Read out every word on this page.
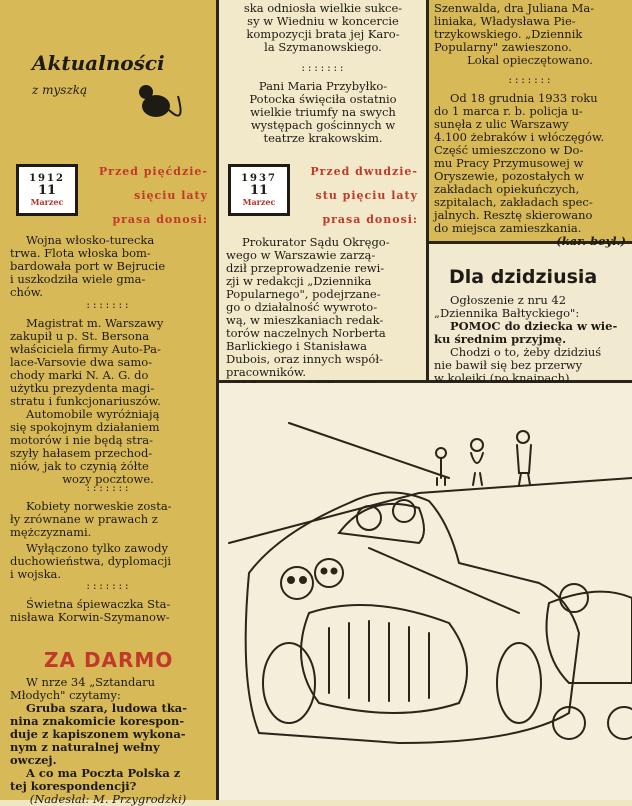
Aktualności
z myszką
1912
11
Marzec

Przed pięćdzie-

sięciu laty

prasa donosi:

Wojna włosko-turecka

trwa. Flota włoska bom-

bardowała port w Bejrucie

i uszkodziła wiele gma-

chów.

:::::::

Magistrat m. Warszawy

zakupił u p. St. Bersona

właściciela firmy Auto-Pa-

lace-Varsovie dwa samo-

chody marki N. A. G. do

użytku prezydenta magi-

stratu i funkcjonariuszów.

Automobile wyróżniają

się spokojnym działaniem

motorów i nie będą stra-

szyły hałasem przechod-

niów, jak to czynią żółte

wozy pocztowe.

:::::::

Kobiety norweskie zosta-

ły zrównane w prawach z

mężczyznami.

Wyłączono tylko zawody

duchowieństwa, dyplomacji

i wojska.

:::::::

Świetna śpiewaczka Sta-

nisława Korwin-Szymanow-

ZA DARMO

W nrze 34 „Sztandaru

Młodych" czytamy:

Gruba szara, ludowa tka-

nina znakomicie korespon-

duje z kapiszonem wykona-

nym z naturalnej wełny

owczej.

A co ma Poczta Polska z

tej korespondencji?

(Nadesłał: M. Przygrodzki)

ska odniosła wielkie sukce-

sy w Wiedniu w koncercie

kompozycji brata jej Karo-

la Szymanowskiego.

:::::::

Pani Maria Przybyłko-

Potocka święciła ostatnio

wielkie triumfy na swych

występach gościnnych w

teatrze krakowskim.

1937
11
Marzec

Przed dwudzie-

stu pięciu laty

prasa donosi:

Prokurator Sądu Okręgo-

wego w Warszawie zarzą-

dził przeprowadzenie rewi-

zji w redakcji „Dziennika

Popularnego", podejrzane-

go o działalność wywroto-

wą, w mieszkaniach redak-

torów naczelnych Norberta

Barlickiego i Stanisława

Dubois, oraz innych współ-

pracowników.

„Zatrzymano" kilkanaście

osób m. in. poetę Lucjana

Szenwalda, dra Juliana Ma-

liniaka, Władysława Pie-

trzykowskiego. „Dziennik

Popularny" zawieszono.

Lokal opieczętowano.

:::::::

Od 18 grudnia 1933 roku

do 1 marca r. b. policja u-

sunęła z ulic Warszawy

4.100 żebraków i włóczęgów.

Część umieszczono w Do-

mu Pracy Przymusowej w

Oryszewie, pozostałych w

zakładach opiekuńczych,

szpitalach, zakładach spec-

jalnych. Resztę skierowano

do miejsca zamieszkania.

(kar. beyl.)

Dla dzidziusia

Ogłoszenie z nru 42

„Dziennika Bałtyckiego":

POMOC do dziecka w wie-

ku średnim przyjmę.

Chodzi o to, żeby dzidziuś

nie bawił się bez przerwy

w kolejki (po knajpach).

(Nadesłała: I. Kasperowicz)
